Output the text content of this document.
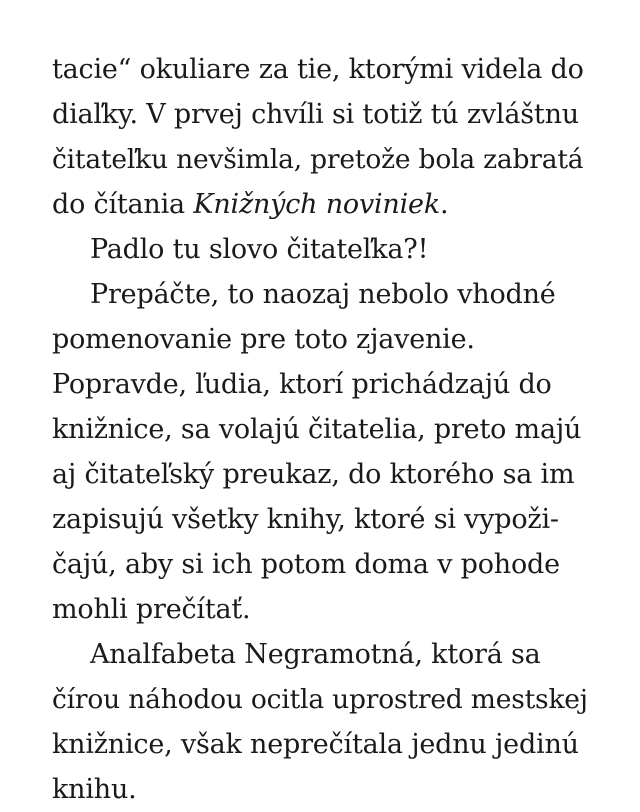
tacie“ okuliare za tie, ktorými videla do
diaľky. V prvej chvíli si totiž tú zvláštnu
čitateľku nevšimla, pretože bola zabratá
do čítania Knižných noviniek.
Padlo tu slovo čitateľka?!
Prepáčte, to naozaj nebolo vhodné
pomenovanie pre toto zjavenie.
Popravde, ľudia, ktorí prichádzajú do
knižnice, sa volajú čitatelia, preto majú
aj čitateľský preukaz, do ktorého sa im
zapisujú všetky knihy, ktoré si vypoži-
čajú, aby si ich potom doma v pohode
mohli prečítať.
Analfabeta Negramotná, ktorá sa
čírou náhodou ocitla uprostred mestskej
knižnice, však neprečítala jednu jedinú
knihu.
